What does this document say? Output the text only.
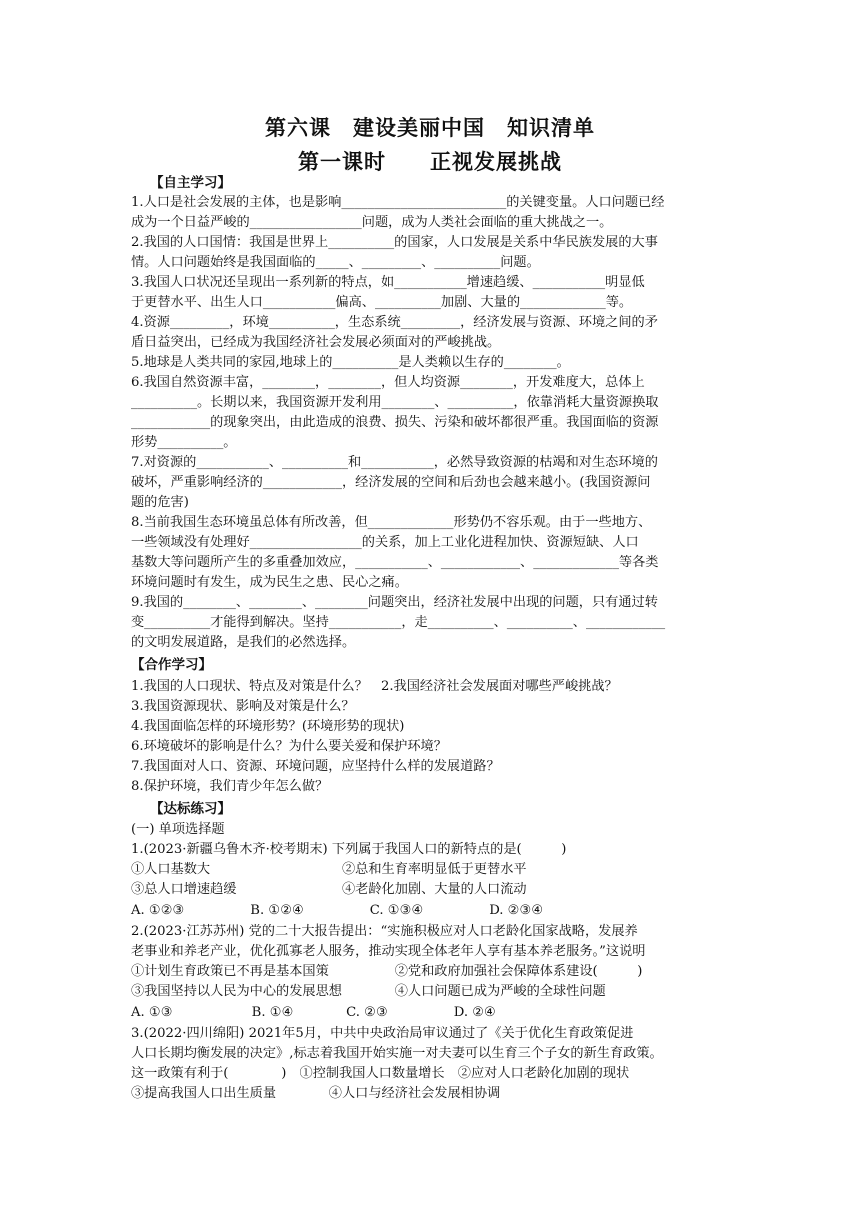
第六课　建设美丽中国　知识清单
第一课时　　正视发展挑战
【自主学习】
1.人口是社会发展的主体，也是影响_________________________的关键变量。人口问题已经
成为一个日益严峻的_________________问题，成为人类社会面临的重大挑战之一。
2.我国的人口国情：我国是世界上__________的国家，人口发展是关系中华民族发展的大事
情。人口问题始终是我国面临的_____、_________、__________问题。
3.我国人口状况还呈现出一系列新的特点，如___________增速趋缓、___________明显低
于更替水平、出生人口___________偏高、__________加剧、大量的_____________等。
4.资源_________，环境__________，生态系统_________，经济发展与资源、环境之间的矛
盾日益突出，已经成为我国经济社会发展必须面对的严峻挑战。
5.地球是人类共同的家园,地球上的__________是人类赖以生存的________。
6.我国自然资源丰富，________，________，但人均资源________，开发难度大，总体上
__________。长期以来，我国资源开发利用________、__________，依靠消耗大量资源换取
____________的现象突出，由此造成的浪费、损失、污染和破坏都很严重。我国面临的资源
形势__________。
7.对资源的___________、__________和___________，必然导致资源的枯竭和对生态环境的
破坏，严重影响经济的____________，经济发展的空间和后劲也会越来越小。(我国资源问
题的危害)
8.当前我国生态环境虽总体有所改善，但_____________形势仍不容乐观。由于一些地方、
一些领域没有处理好_________________的关系，加上工业化进程加快、资源短缺、人口
基数大等问题所产生的多重叠加效应，___________、____________、_____________等各类
环境问题时有发生，成为民生之患、民心之痛。
9.我国的________、________、________问题突出，经济社发展中出现的问题，只有通过转
变__________才能得到解决。坚持___________，走__________、__________、____________
的文明发展道路，是我们的必然选择。
【合作学习】
1.我国的人口现状、特点及对策是什么？　2.我国经济社会发展面对哪些严峻挑战？
3.我国资源现状、影响及对策是什么？
4.我国面临怎样的环境形势？(环境形势的现状)
6.环境破坏的影响是什么？为什么要关爱和保护环境？
7.我国面对人口、资源、环境问题，应坚持什么样的发展道路？
8.保护环境，我们青少年怎么做？
【达标练习】
(一) 单项选择题
1.(2023·新疆乌鲁木齐·校考期末) 下列属于我国人口的新特点的是(　　　)
①人口基数大　　　　　　　　　　②总和生育率明显低于更替水平
③总人口增速趋缓　　　　　　　　④老龄化加剧、大量的人口流动
A. ①②③　　　　　B. ①②④　　　　　C. ①③④　　　　　D. ②③④
2.(2023·江苏苏州) 党的二十大报告提出：“实施积极应对人口老龄化国家战略，发展养
老事业和养老产业，优化孤寡老人服务，推动实现全体老年人享有基本养老服务。”这说明
①计划生育政策已不再是基本国策　　　　　②党和政府加强社会保障体系建设(　　　)
③我国坚持以人民为中心的发展思想　　　　④人口问题已成为严峻的全球性问题
A. ①③　　　　　　B. ①④　　　　C. ②③　　　　　D. ②④
3.(2022·四川绵阳) 2021年5月，中共中央政治局审议通过了《关于优化生育政策促进
人口长期均衡发展的决定》,标志着我国开始实施一对夫妻可以生育三个子女的新生育政策。
这一政策有利于(　　　　)　①控制我国人口数量增长　②应对人口老龄化加剧的现状
③提高我国人口出生质量　　　　④人口与经济社会发展相协调
